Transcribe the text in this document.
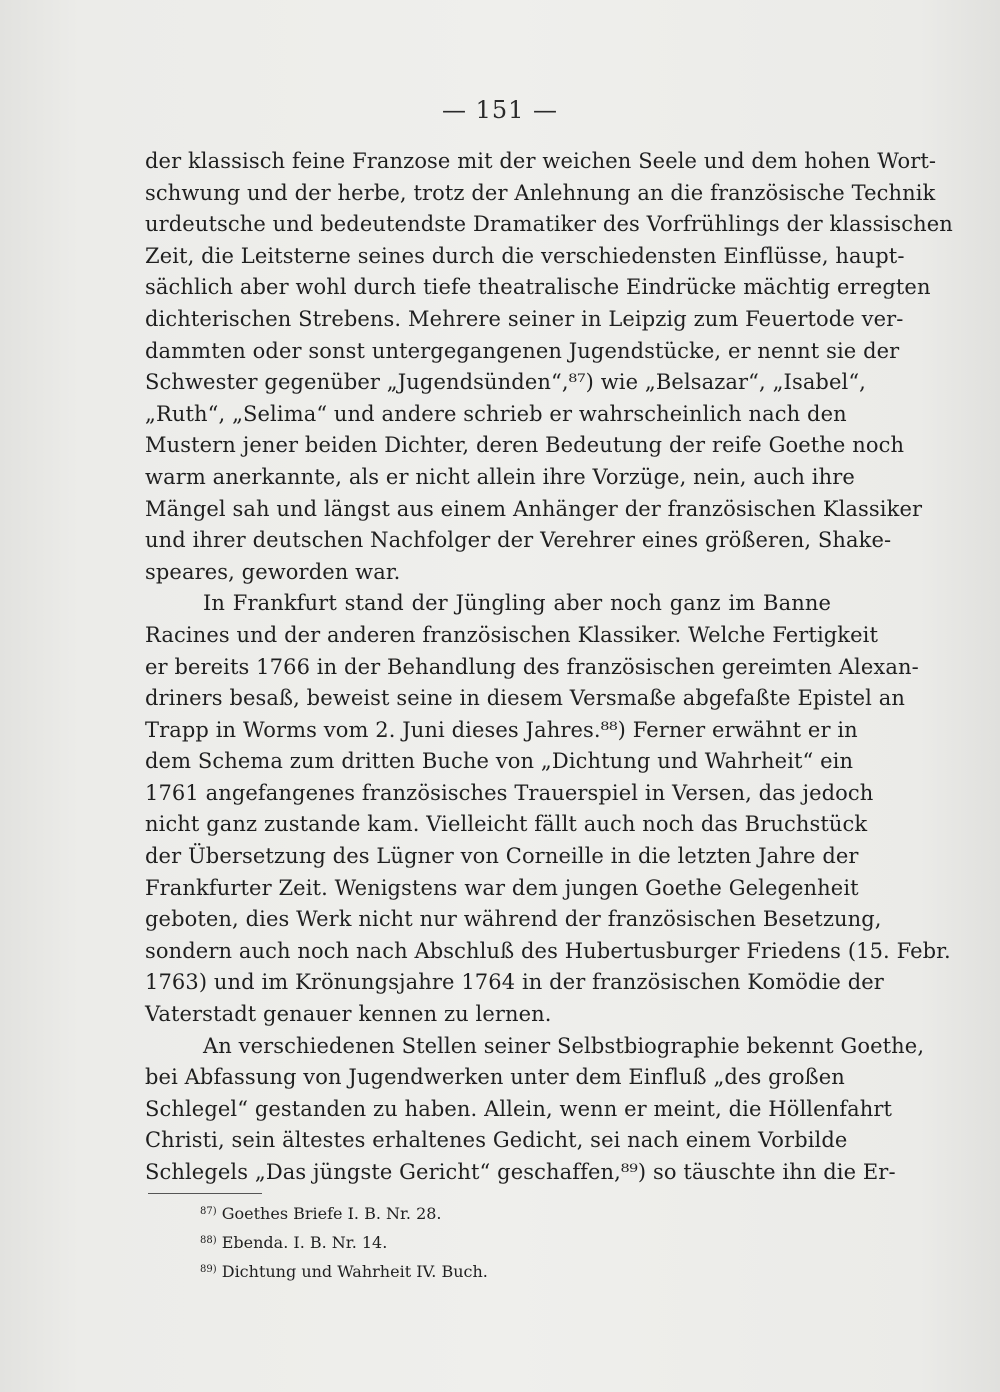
— 151 —
der klassisch feine Franzose mit der weichen Seele und dem hohen Wort-
schwung und der herbe, trotz der Anlehnung an die französische Technik
urdeutsche und bedeutendste Dramatiker des Vorfrühlings der klassischen
Zeit, die Leitsterne seines durch die verschiedensten Einflüsse, haupt-
sächlich aber wohl durch tiefe theatralische Eindrücke mächtig erregten
dichterischen Strebens. Mehrere seiner in Leipzig zum Feuertode ver-
dammten oder sonst untergegangenen Jugendstücke, er nennt sie der
Schwester gegenüber „Jugendsünden“,⁸⁷) wie „Belsazar“, „Isabel“,
„Ruth“, „Selima“ und andere schrieb er wahrscheinlich nach den
Mustern jener beiden Dichter, deren Bedeutung der reife Goethe noch
warm anerkannte, als er nicht allein ihre Vorzüge, nein, auch ihre
Mängel sah und längst aus einem Anhänger der französischen Klassiker
und ihrer deutschen Nachfolger der Verehrer eines größeren, Shake-
speares, geworden war.
In Frankfurt stand der Jüngling aber noch ganz im Banne
Racines und der anderen französischen Klassiker. Welche Fertigkeit
er bereits 1766 in der Behandlung des französischen gereimten Alexan-
driners besaß, beweist seine in diesem Versmaße abgefaßte Epistel an
Trapp in Worms vom 2. Juni dieses Jahres.⁸⁸) Ferner erwähnt er in
dem Schema zum dritten Buche von „Dichtung und Wahrheit“ ein
1761 angefangenes französisches Trauerspiel in Versen, das jedoch
nicht ganz zustande kam. Vielleicht fällt auch noch das Bruchstück
der Übersetzung des Lügner von Corneille in die letzten Jahre der
Frankfurter Zeit. Wenigstens war dem jungen Goethe Gelegenheit
geboten, dies Werk nicht nur während der französischen Besetzung,
sondern auch noch nach Abschluß des Hubertusburger Friedens (15. Febr.
1763) und im Krönungsjahre 1764 in der französischen Komödie der
Vaterstadt genauer kennen zu lernen.
An verschiedenen Stellen seiner Selbstbiographie bekennt Goethe,
bei Abfassung von Jugendwerken unter dem Einfluß „des großen
Schlegel“ gestanden zu haben. Allein, wenn er meint, die Höllenfahrt
Christi, sein ältestes erhaltenes Gedicht, sei nach einem Vorbilde
Schlegels „Das jüngste Gericht“ geschaffen,⁸⁹) so täuschte ihn die Er-
$^{87)}$ Goethes Briefe I. B. Nr. 28.
$^{88)}$ Ebenda. I. B. Nr. 14.
$^{89)}$ Dichtung und Wahrheit IV. Buch.
